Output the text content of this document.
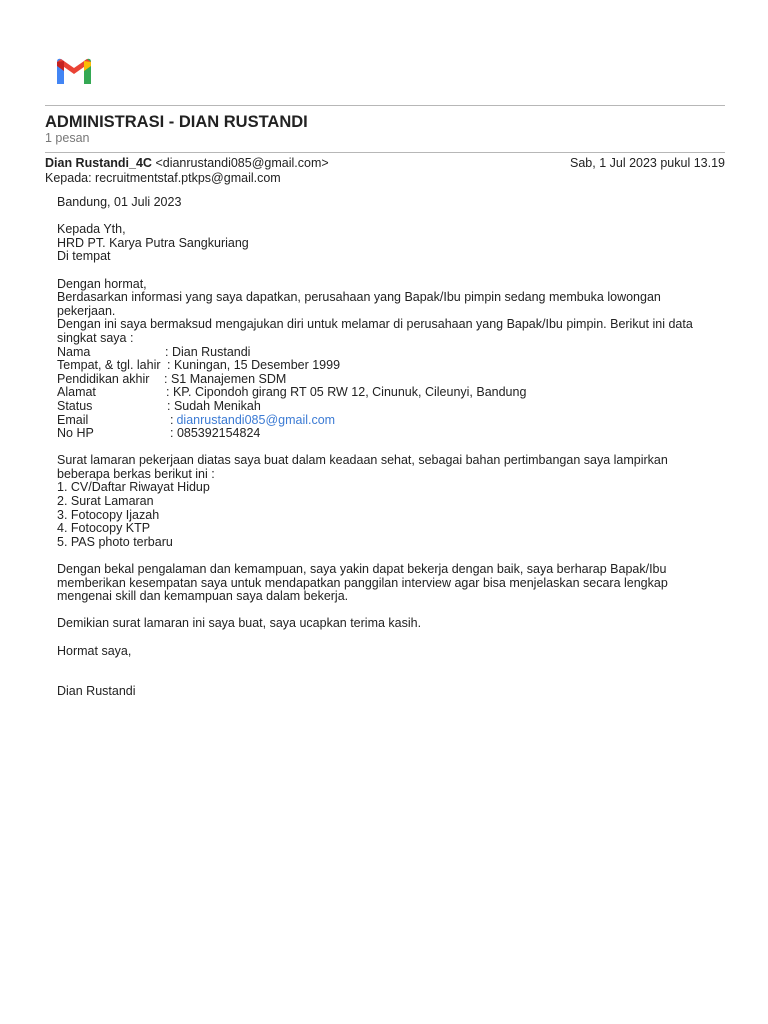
ADMINISTRASI - DIAN RUSTANDI
1 pesan
Dian Rustandi_4C <dianrustandi085@gmail.com>	Sab, 1 Jul 2023 pukul 13.19
Kepada: recruitmentstaf.ptkps@gmail.com

Bandung, 01 Juli 2023

Kepada Yth,
HRD PT. Karya Putra Sangkuriang
Di tempat

Dengan hormat,
Berdasarkan informasi yang saya dapatkan, perusahaan yang Bapak/Ibu pimpin sedang membuka lowongan
pekerjaan.
Dengan ini saya bermaksud mengajukan diri untuk melamar di perusahaan yang Bapak/Ibu pimpin. Berikut ini data
singkat saya :
Nama	: Dian Rustandi
Tempat, & tgl. lahir : Kuningan, 15 Desember 1999
Pendidikan akhir	: S1 Manajemen SDM
Alamat	: KP. Cipondoh girang RT 05 RW 12, Cinunuk, Cileunyi, Bandung
Status	: Sudah Menikah
Email	: dianrustandi085@gmail.com
No HP	: 085392154824

Surat lamaran pekerjaan diatas saya buat dalam keadaan sehat, sebagai bahan pertimbangan saya lampirkan
beberapa berkas berikut ini :
1. CV/Daftar Riwayat Hidup
2. Surat Lamaran
3. Fotocopy Ijazah
4. Fotocopy KTP
5. PAS photo terbaru

Dengan bekal pengalaman dan kemampuan, saya yakin dapat bekerja dengan baik, saya berharap Bapak/Ibu
memberikan kesempatan saya untuk mendapatkan panggilan interview agar bisa menjelaskan secara lengkap
mengenai skill dan kemampuan saya dalam bekerja.

Demikian surat lamaran ini saya buat, saya ucapkan terima kasih.

Hormat saya,

Dian Rustandi
